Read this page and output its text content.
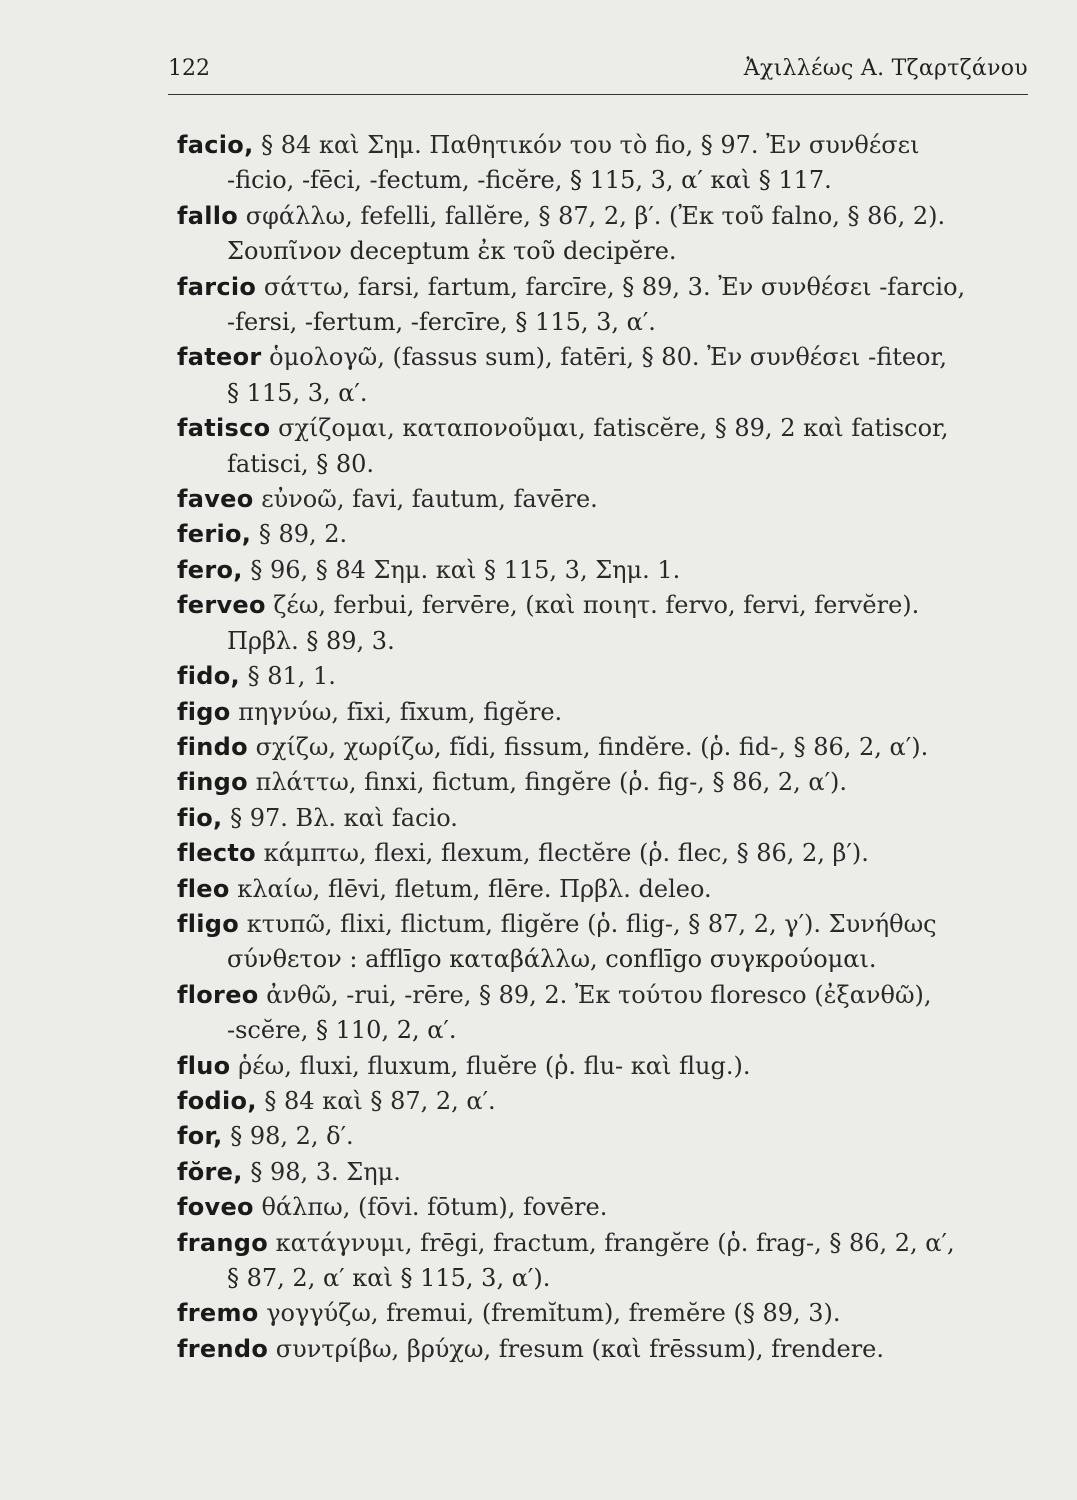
122	Ἀχιλλέως Α. Τζαρτζάνου
facio, § 84 καὶ Σημ. Παθητικόν του τὸ fio, § 97. Ἐν συνθέσει
-ficio, -fēci, -fectum, -ficĕre, § 115, 3, α′ καὶ § 117.
fallo σφάλλω, fefelli, fallĕre, § 87, 2, β′. (Ἐκ τοῦ falno, § 86, 2).
Σουπῖνον deceptum ἐκ τοῦ decipĕre.
farcio σάττω, farsi, fartum, farcīre, § 89, 3. Ἐν συνθέσει -farcio,
-fersi, -fertum, -fercīre, § 115, 3, α′.
fateor ὁμολογῶ, (fassus sum), fatēri, § 80. Ἐν συνθέσει -fiteor,
§ 115, 3, α′.
fatisco σχίζομαι, καταπονοῦμαι, fatiscĕre, § 89, 2 καὶ fatiscor,
fatisci, § 80.
faveo εὐνοῶ, favi, fautum, favēre.
ferio, § 89, 2.
fero, § 96, § 84 Σημ. καὶ § 115, 3, Σημ. 1.
ferveo ζέω, ferbui, fervēre, (καὶ ποιητ. fervo, fervi, fervĕre).
Πρβλ. § 89, 3.
fido, § 81, 1.
figo πηγνύω, fīxi, fīxum, figĕre.
findo σχίζω, χωρίζω, fĭdi, fissum, findĕre. (ῥ. fid-, § 86, 2, α′).
fingo πλάττω, finxi, fictum, fingĕre (ῥ. fig-, § 86, 2, α′).
fio, § 97. Βλ. καὶ facio.
flecto κάμπτω, flexi, flexum, flectĕre (ῥ. flec, § 86, 2, β′).
fleo κλαίω, flēvi, fletum, flēre. Πρβλ. deleo.
fligo κτυπῶ, flixi, flictum, fligĕre (ῥ. flig-, § 87, 2, γ′). Συνήθως
σύνθετον : afflīgo καταβάλλω, conflīgo συγκρούομαι.
floreo ἀνθῶ, -rui, -rēre, § 89, 2. Ἐκ τούτου floresco (ἐξανθῶ),
-scĕre, § 110, 2, α′.
fluo ῥέω, fluxi, fluxum, fluĕre (ῥ. flu- καὶ flug.).
fodio, § 84 καὶ § 87, 2, α′.
for, § 98, 2, δ′.
fŏre, § 98, 3. Σημ.
foveo θάλπω, (fōvi. fōtum), fovēre.
frango κατάγνυμι, frēgi, fractum, frangĕre (ῥ. frag-, § 86, 2, α′,
§ 87, 2, α′ καὶ § 115, 3, α′).
fremo γογγύζω, fremui, (fremĭtum), fremĕre (§ 89, 3).
frendo συντρίβω, βρύχω, fresum (καὶ frēssum), frendere.
